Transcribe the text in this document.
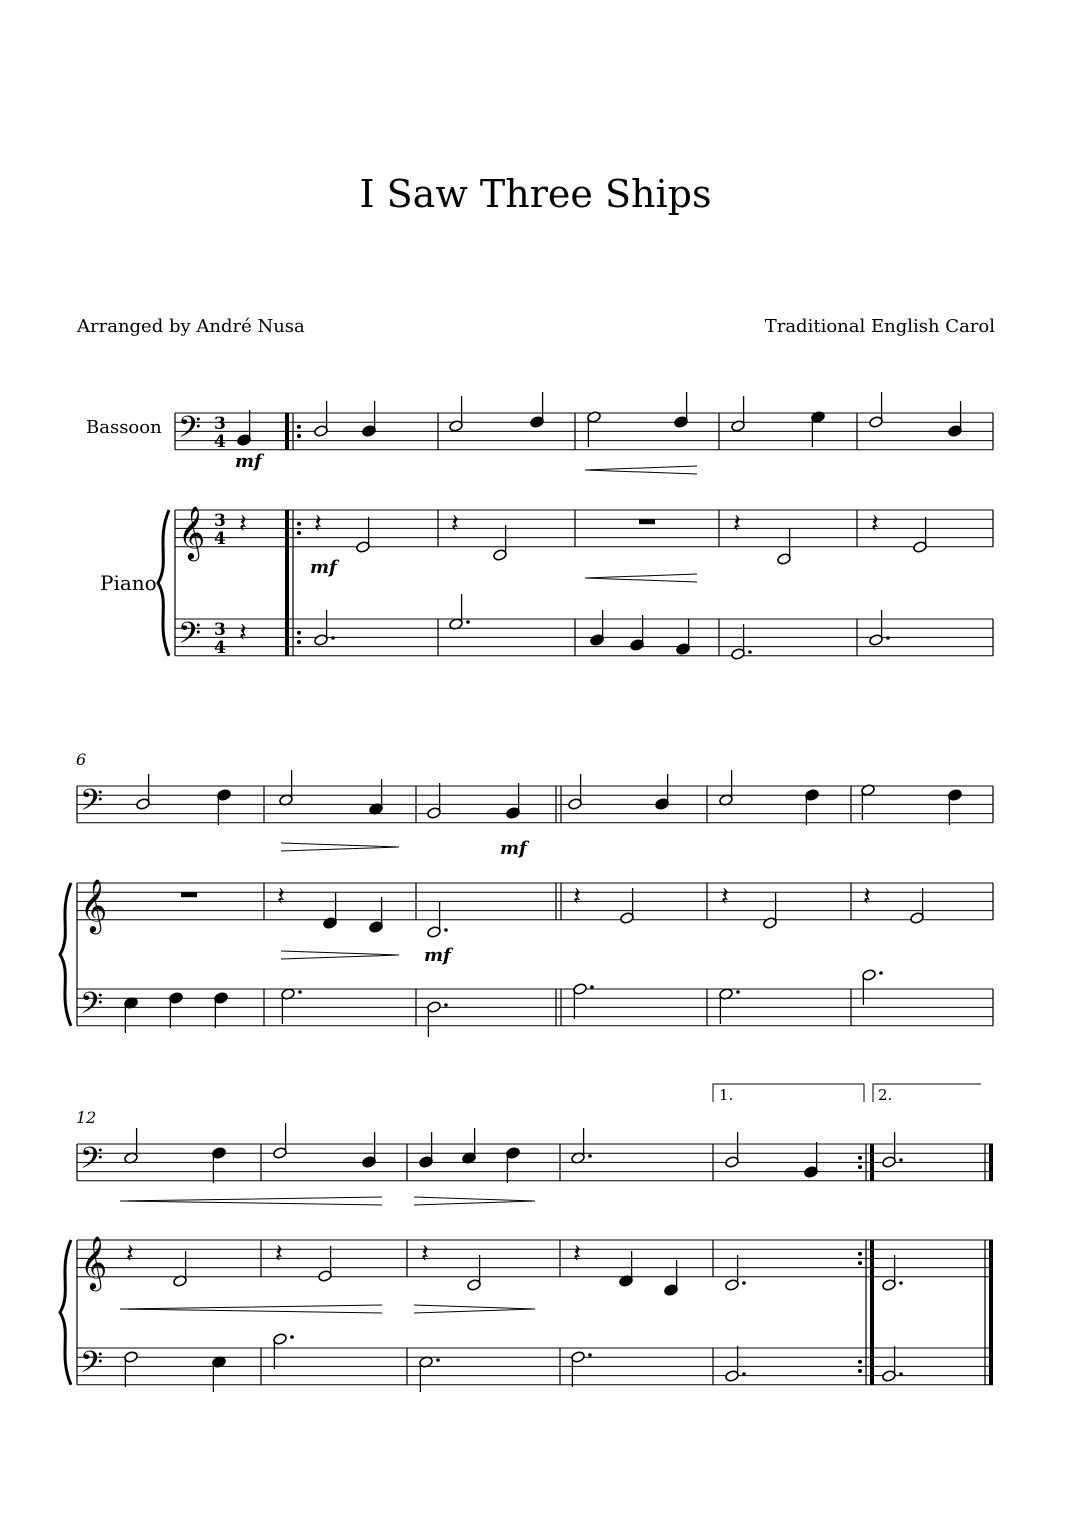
I Saw Three Ships
Arranged by André Nusa	Traditional English Carol
Bassoon
Piano
6
12
mf
mf
mf
mf
1.	2.
𝄢
𝄞
𝄢
3
4
3
4
3
4
𝄢
𝄞
𝄢
𝄢
𝄞
𝄢
𝄽	𝄽	𝄽	𝄽	𝄽
𝄽
𝄽	𝄽	𝄽	𝄽
𝄽	𝄽	𝄽	𝄽
